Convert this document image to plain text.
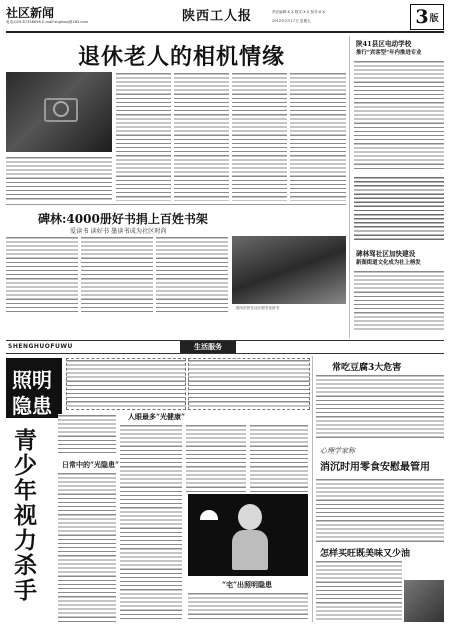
社区新闻
电话:029-87356658 E-mail:shgrbsq@163.com	陕西工人报	责任编辑:X X 版式:X X 校对:X X
2012年2月17日 星期五	3 版
退休老人的相机情缘	陕41县区电动学校
推行“宾客型”年内推进专业
碑林驾社区加快建设
新图街道文化成为社上榜发
碑林:4000册好书捐上百姓书架
爱读书 读好书 墨读书成为社区时尚
图为市民在社区图书室读书
SHENGHUOFUWU	生活服务
照明
隐患
青少年视力杀手
日常中的“光隐患”
人眼最多“光健康”
“宅”出照明隐患
常吃豆腐3大危害
心理学家称
消沉时用零食安慰最管用
怎样买旺既美味又少油
